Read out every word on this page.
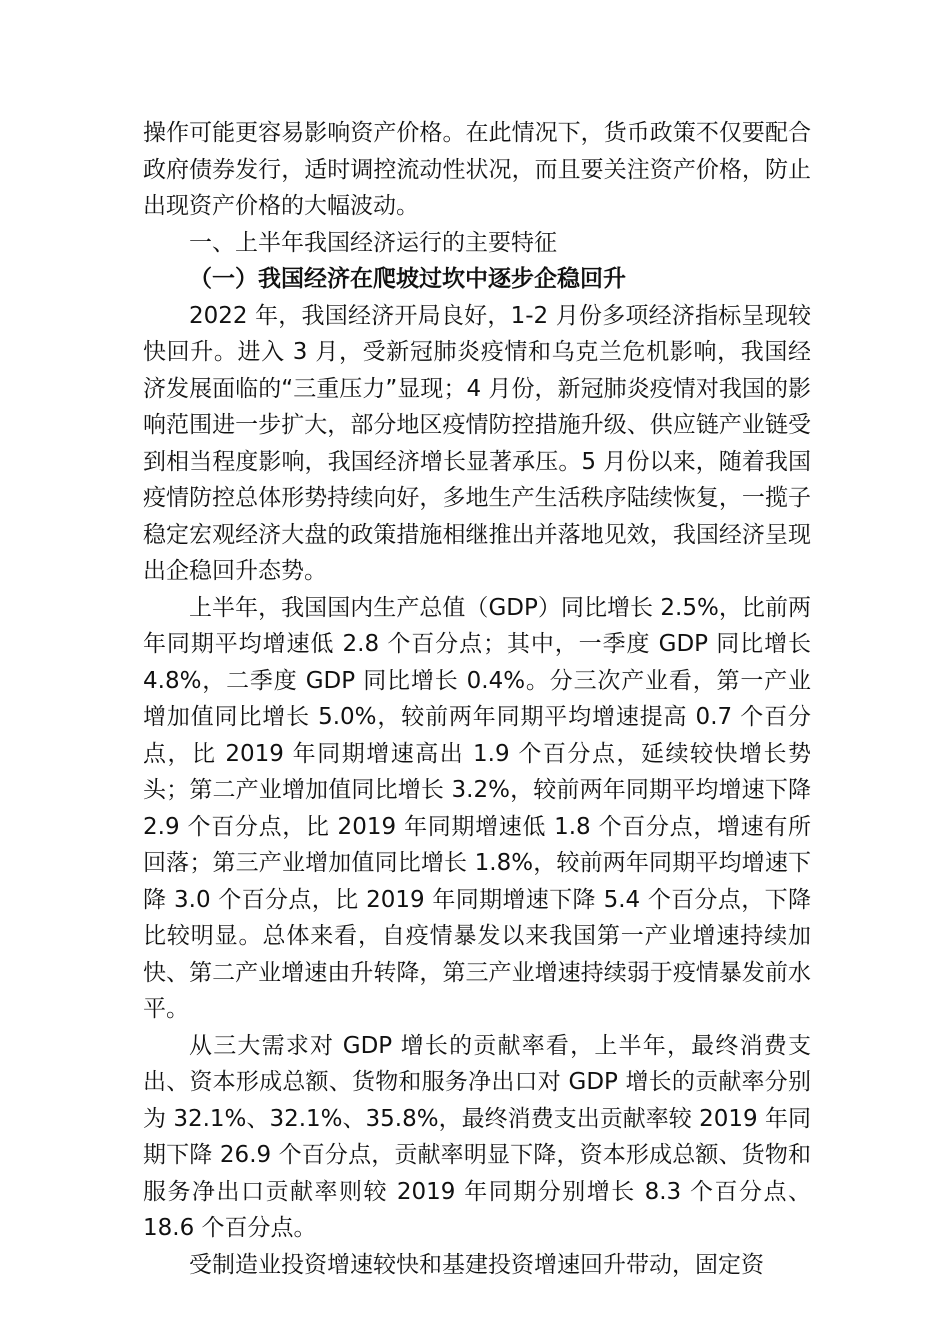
操作可能更容易影响资产价格。在此情况下，货币政策不仅要配合政府债券发行，适时调控流动性状况，而且要关注资产价格，防止出现资产价格的大幅波动。

一、上半年我国经济运行的主要特征

（一）我国经济在爬坡过坎中逐步企稳回升

2022 年，我国经济开局良好，1-2 月份多项经济指标呈现较快回升。进入 3 月，受新冠肺炎疫情和乌克兰危机影响，我国经济发展面临的“三重压力”显现；4 月份，新冠肺炎疫情对我国的影响范围进一步扩大，部分地区疫情防控措施升级、供应链产业链受到相当程度影响，我国经济增长显著承压。5 月份以来，随着我国疫情防控总体形势持续向好，多地生产生活秩序陆续恢复，一揽子稳定宏观经济大盘的政策措施相继推出并落地见效，我国经济呈现出企稳回升态势。

上半年，我国国内生产总值（GDP）同比增长 2.5%，比前两年同期平均增速低 2.8 个百分点；其中，一季度 GDP 同比增长 4.8%，二季度 GDP 同比增长 0.4%。分三次产业看，第一产业增加值同比增长 5.0%，较前两年同期平均增速提高 0.7 个百分点，比 2019 年同期增速高出 1.9 个百分点，延续较快增长势头；第二产业增加值同比增长 3.2%，较前两年同期平均增速下降 2.9 个百分点，比 2019 年同期增速低 1.8 个百分点，增速有所回落；第三产业增加值同比增长 1.8%，较前两年同期平均增速下降 3.0 个百分点，比 2019 年同期增速下降 5.4 个百分点，下降比较明显。总体来看，自疫情暴发以来我国第一产业增速持续加快、第二产业增速由升转降，第三产业增速持续弱于疫情暴发前水平。

从三大需求对 GDP 增长的贡献率看，上半年，最终消费支出、资本形成总额、货物和服务净出口对 GDP 增长的贡献率分别为 32.1%、32.1%、35.8%，最终消费支出贡献率较 2019 年同期下降 26.9 个百分点，贡献率明显下降，资本形成总额、货物和服务净出口贡献率则较 2019 年同期分别增长 8.3 个百分点、18.6 个百分点。

受制造业投资增速较快和基建投资增速回升带动，固定资
